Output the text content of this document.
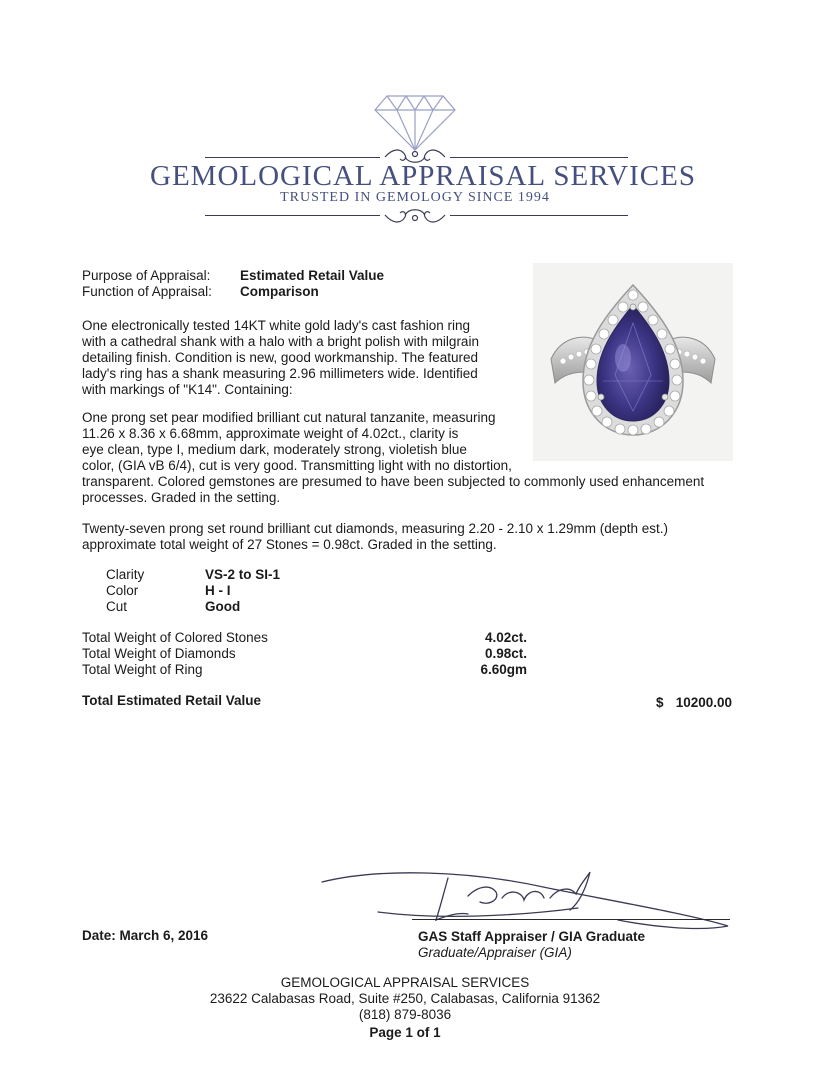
GEMOLOGICAL APPRAISAL SERVICES
TRUSTED IN GEMOLOGY SINCE 1994
Purpose of Appraisal: Estimated Retail Value
Function of Appraisal: Comparison
One electronically tested 14KT white gold lady's cast fashion ring
with a cathedral shank with a halo with a bright polish with milgrain
detailing finish. Condition is new, good workmanship. The featured
lady's ring has a shank measuring 2.96 millimeters wide. Identified
with markings of "K14". Containing:
One prong set pear modified brilliant cut natural tanzanite, measuring
11.26 x 8.36 x 6.68mm, approximate weight of 4.02ct., clarity is
eye clean, type I, medium dark, moderately strong, violetish blue
color, (GIA vB 6/4), cut is very good. Transmitting light with no distortion,
transparent. Colored gemstones are presumed to have been subjected to commonly used enhancement
processes. Graded in the setting.
Twenty-seven prong set round brilliant cut diamonds, measuring 2.20 - 2.10 x 1.29mm (depth est.)
approximate total weight of 27 Stones = 0.98ct. Graded in the setting.
Clarity	VS-2 to SI-1
Color	H - I
Cut	Good
Total Weight of Colored Stones	4.02ct.
Total Weight of Diamonds	0.98ct.
Total Weight of Ring	6.60gm
Total Estimated Retail Value	$ 10200.00
Date: March 6, 2016	GAS Staff Appraiser / GIA Graduate
Graduate/Appraiser (GIA)
GEMOLOGICAL APPRAISAL SERVICES
23622 Calabasas Road, Suite #250, Calabasas, California 91362
(818) 879-8036
Page 1 of 1
